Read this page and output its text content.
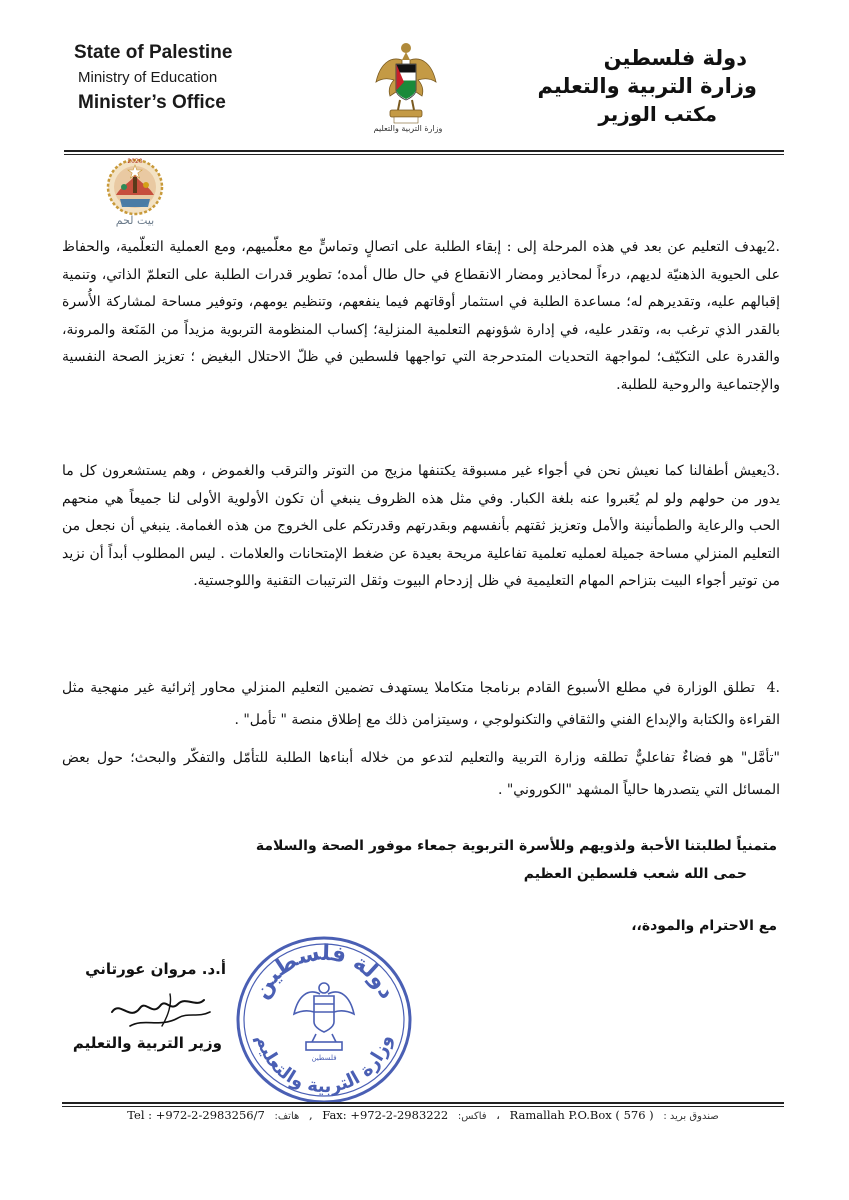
State of Palestine
Ministry of Education
Minister’s Office
دولة فلسطين
وزارة التربية والتعليم
مكتب الوزير
وزارة التربية والتعليم
2020
بيت لحم
2.يهدف التعليم عن بعد في هذه المرحلة إلى : إبقاء الطلبة على اتصالٍ وتماسٍّ مع معلّميهم، ومع العملية التعلّمية، والحفاظ على الحيوية الذهنيّة لديهم، درءاً لمحاذير ومضار الانقطاع في حال طال أمده؛ تطوير قدرات الطلبة على التعلمّ الذاتي، وتنمية إقبالهم عليه، وتقديرهم له؛ مساعدة الطلبة في استثمار أوقاتهم فيما ينفعهم، وتنظيم يومهم، وتوفير مساحة لمشاركة الأُسرة بالقدر الذي ترغب به، وتقدر عليه، في إدارة شؤونهم التعلمية المنزلية؛ إكساب المنظومة التربوية مزيداً من المَنَعة والمرونة، والقدرة على التكيّف؛ لمواجهة التحديات المتدحرجة التي تواجهها فلسطين في ظلّ الاحتلال البغيض ؛ تعزيز الصحة النفسية والإجتماعية والروحية للطلبة.
3.يعيش أطفالنا كما نعيش نحن في أجواء غير مسبوقة يكتنفها مزيج من التوتر والترقب والغموض ، وهم يستشعرون كل ما يدور من حولهم ولو لم يُعَبروا عنه بلغة الكبار. وفي مثل هذه الظروف ينبغي أن تكون الأولوية الأولى لنا جميعاً هي منحهم الحب والرعاية والطمأنينة والأمل وتعزيز ثقتهم بأنفسهم وبقدرتهم وقدرتكم على الخروج من هذه الغمامة. ينبغي أن نجعل من التعليم المنزلي مساحة جميلة لعمليه تعلمية تفاعلية مريحة بعيدة عن ضغط الإمتحانات والعلامات . ليس المطلوب أبداً أن نزيد من توتير أجواء البيت بتزاحم المهام التعليمية في ظل إزدحام البيوت وثقل الترتيبات التقنية واللوجستية.
4.  تطلق الوزارة في مطلع الأسبوع القادم برنامجا متكاملا يستهدف تضمين التعليم المنزلي محاور إثرائية غير منهجية مثل القراءة والكتابة والإبداع الفني والثقافي والتكنولوجي ، وسيتزامن ذلك مع إطلاق منصة " تأمل" .
"تأمَّل" هو فضاءٌ تفاعليٌّ تطلقه وزارة التربية والتعليم لتدعو من خلاله أبناءها الطلبة للتأمّل والتفكّر والبحث؛ حول بعض المسائل التي يتصدرها حالياً المشهد "الكوروني" .
متمنياً لطلبتنا الأحبة ولذويهم وللأسرة التربوية جمعاء موفور الصحة والسلامة
حمى الله شعب فلسطين العظيم
مع الاحترام والمودة،،
أ.د. مروان عورتاني
وزير التربية والتعليم
دولة فلسطين
وزارة التربية والتعليم
فلسطين
Tel : +972-2-2983256/7 هاتف: , Fax: +972-2-2983222 فاكس: ، Ramallah P.O.Box ( 576 ) صندوق بريد :
